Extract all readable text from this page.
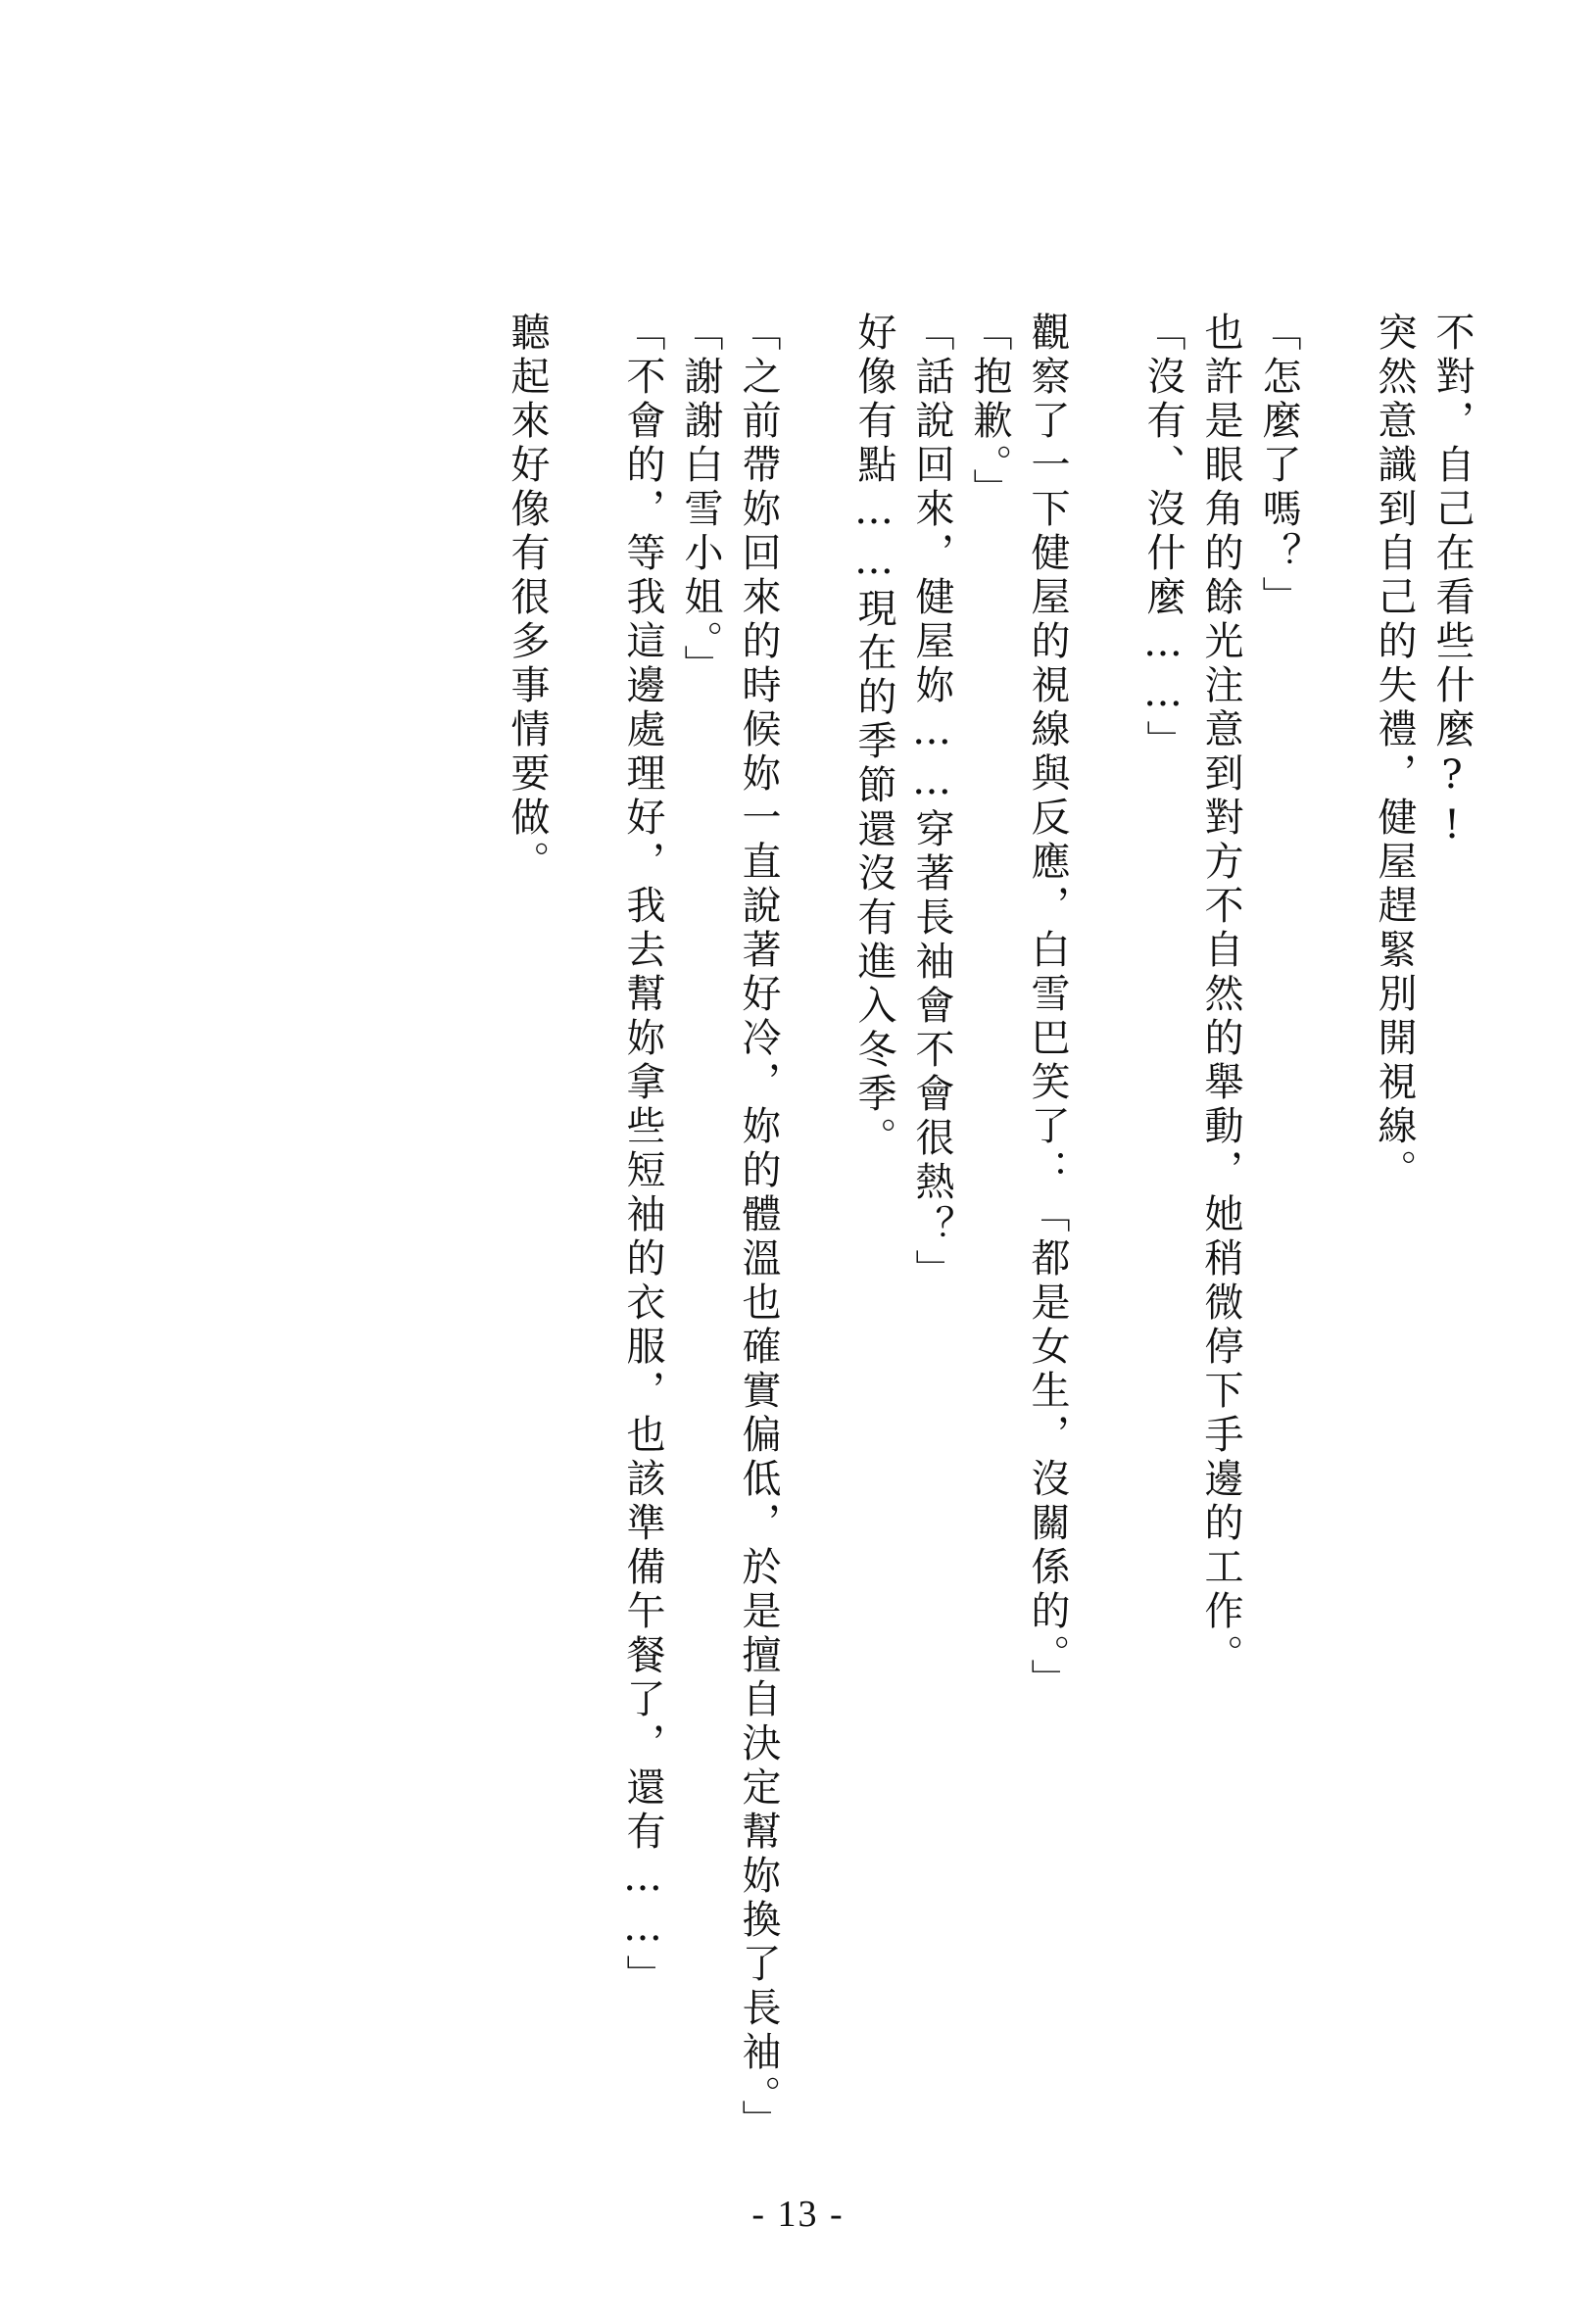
不對，自己在看些什麼?!

突然意識到自己的失禮，健屋趕緊別開視線。

「怎麼了嗎？」

也許是眼角的餘光注意到對方不自然的舉動，她稍微停下手邊的工作。

「沒有、沒什麼……」

觀察了一下健屋的視線與反應，白雪巴笑了：「都是女生，沒關係的。」

「抱歉。」

「話說回來，健屋妳……穿著長袖會不會很熱？」

好像有點……現在的季節還沒有進入冬季。

「之前帶妳回來的時候妳一直說著好冷，妳的體溫也確實偏低，於是擅自決定幫妳換了長袖。」

「謝謝白雪小姐。」

「不會的，等我這邊處理好，我去幫妳拿些短袖的衣服，也該準備午餐了，還有……」

聽起來好像有很多事情要做。

- 13 -
